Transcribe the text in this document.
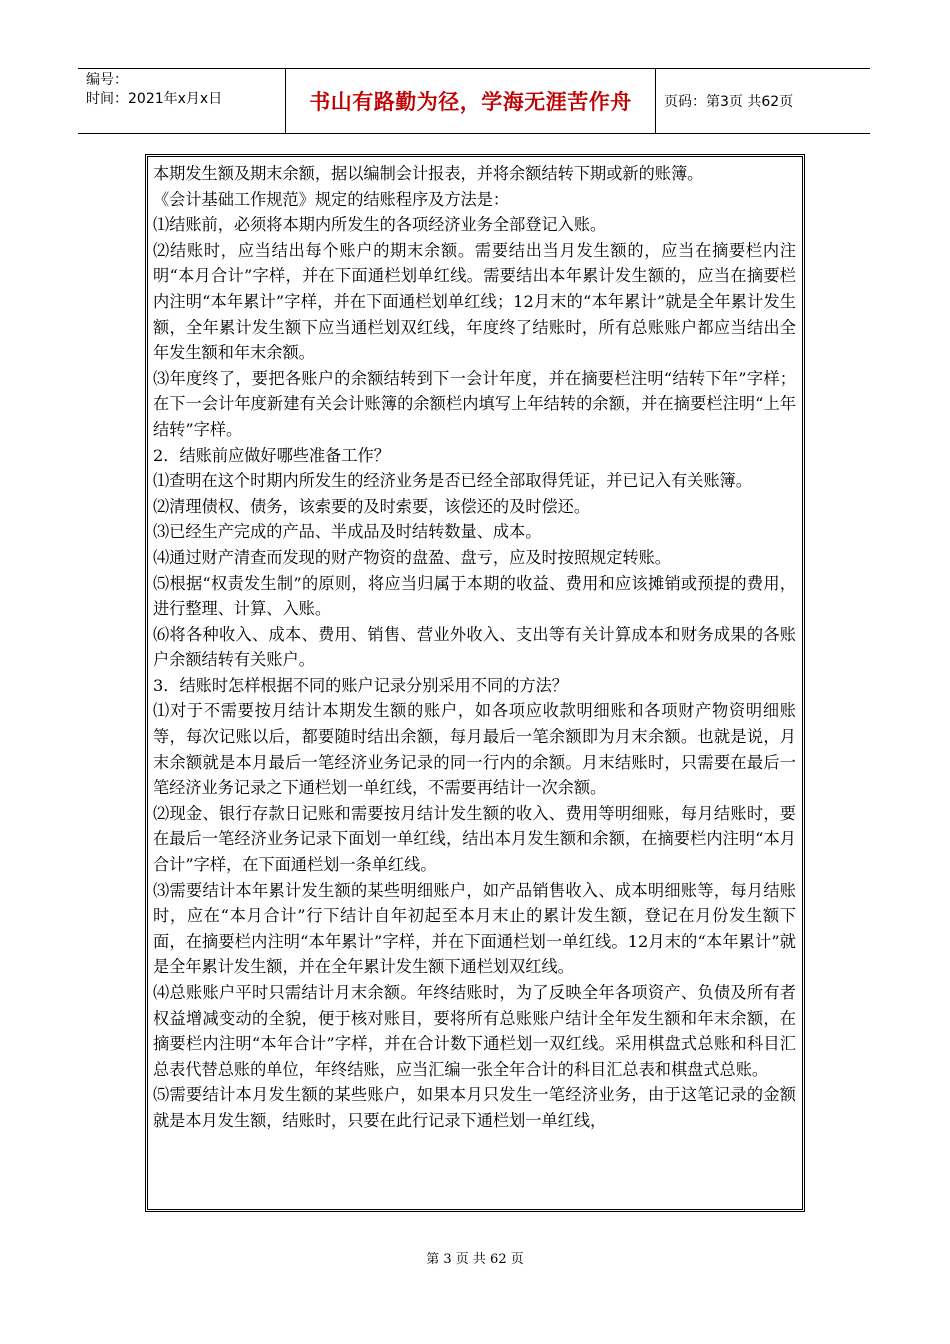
编号：
时间：2021年x月x日	书山有路勤为径，学海无涯苦作舟	页码：第3页 共62页

本期发生额及期末余额，据以编制会计报表，并将余额结转下期或新的账簿。

《会计基础工作规范》规定的结账程序及方法是：

⑴结账前，必须将本期内所发生的各项经济业务全部登记入账。

⑵结账时，应当结出每个账户的期末余额。需要结出当月发生额的，应当在摘要栏内注明“本月合计”字样，并在下面通栏划单红线。需要结出本年累计发生额的，应当在摘要栏内注明“本年累计”字样，并在下面通栏划单红线；12月末的“本年累计”就是全年累计发生额，全年累计发生额下应当通栏划双红线，年度终了结账时，所有总账账户都应当结出全年发生额和年末余额。

⑶年度终了，要把各账户的余额结转到下一会计年度，并在摘要栏注明“结转下年”字样；在下一会计年度新建有关会计账簿的余额栏内填写上年结转的余额，并在摘要栏注明“上年结转”字样。

2．结账前应做好哪些准备工作？

⑴查明在这个时期内所发生的经济业务是否已经全部取得凭证，并已记入有关账簿。

⑵清理债权、债务，该索要的及时索要，该偿还的及时偿还。

⑶已经生产完成的产品、半成品及时结转数量、成本。

⑷通过财产清查而发现的财产物资的盘盈、盘亏，应及时按照规定转账。

⑸根据“权责发生制”的原则，将应当归属于本期的收益、费用和应该摊销或预提的费用，进行整理、计算、入账。

⑹将各种收入、成本、费用、销售、营业外收入、支出等有关计算成本和财务成果的各账户余额结转有关账户。

3．结账时怎样根据不同的账户记录分别采用不同的方法？

⑴对于不需要按月结计本期发生额的账户，如各项应收款明细账和各项财产物资明细账等，每次记账以后，都要随时结出余额，每月最后一笔余额即为月末余额。也就是说，月末余额就是本月最后一笔经济业务记录的同一行内的余额。月末结账时，只需要在最后一笔经济业务记录之下通栏划一单红线，不需要再结计一次余额。

⑵现金、银行存款日记账和需要按月结计发生额的收入、费用等明细账，每月结账时，要在最后一笔经济业务记录下面划一单红线，结出本月发生额和余额，在摘要栏内注明“本月合计”字样，在下面通栏划一条单红线。

⑶需要结计本年累计发生额的某些明细账户，如产品销售收入、成本明细账等，每月结账时，应在“本月合计”行下结计自年初起至本月末止的累计发生额，登记在月份发生额下面，在摘要栏内注明“本年累计”字样，并在下面通栏划一单红线。12月末的“本年累计”就是全年累计发生额，并在全年累计发生额下通栏划双红线。

⑷总账账户平时只需结计月末余额。年终结账时，为了反映全年各项资产、负债及所有者权益增减变动的全貌，便于核对账目，要将所有总账账户结计全年发生额和年末余额，在摘要栏内注明“本年合计”字样，并在合计数下通栏划一双红线。采用棋盘式总账和科目汇总表代替总账的单位，年终结账，应当汇编一张全年合计的科目汇总表和棋盘式总账。

⑸需要结计本月发生额的某些账户，如果本月只发生一笔经济业务，由于这笔记录的金额就是本月发生额，结账时，只要在此行记录下通栏划一单红线，

第 3 页 共 62 页
